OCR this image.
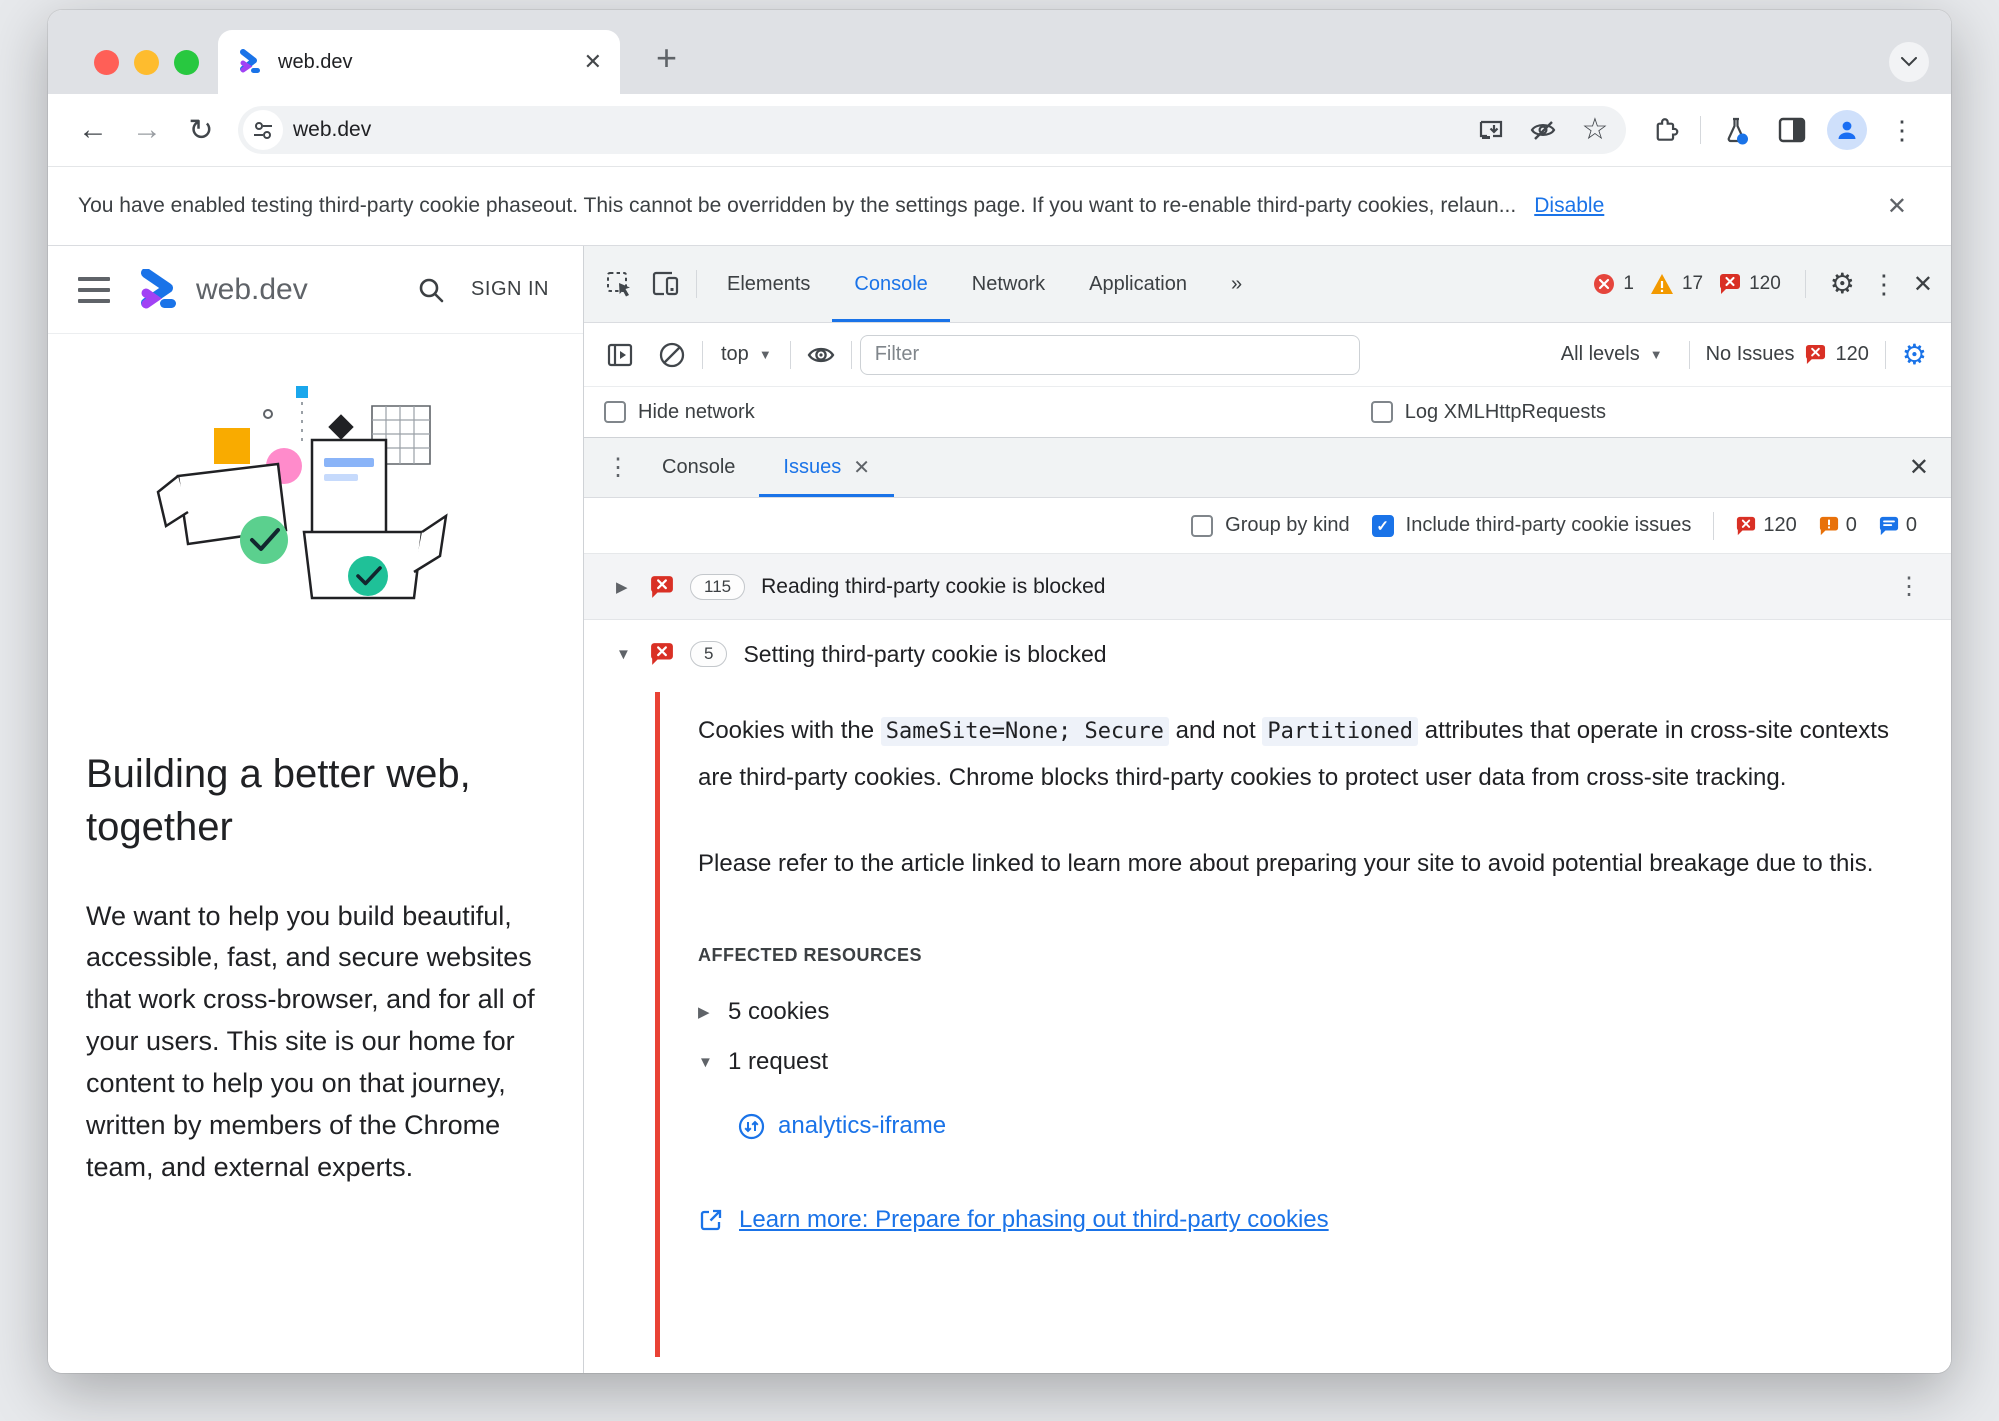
web.dev	✕ +
← → ↻	web.dev	☆	⋮
You have enabled testing third-party cookie phaseout. This cannot be overridden by the settings page. If you want to re-enable third-party cookies, relaun... Disable	✕
web.dev	SIGN IN
Building a better web, together

We want to help you build beautiful, accessible, fast, and secure websites that work cross-browser, and for all of your users. This site is our home for content to help you on that journey, written by members of the Chrome team, and external experts.

Elements	Console	Network	Application	»	1	17 120 ⚙ ⋮ ✕
top ▼
Filter	All levels ▼ No Issues 120 ⚙
Hide network	Log XMLHttpRequests
⋮	Console	Issues ✕	✕
Group by kind	✓ Include third-party cookie issues	120 0 0
▶	115	Reading third-party cookie is blocked	⋮
▼	5	Setting third-party cookie is blocked

Cookies with the SameSite=None; Secure and not Partitioned attributes that operate in cross-site contexts are third-party cookies. Chrome blocks third-party cookies to protect user data from cross-site tracking.

Please refer to the article linked to learn more about preparing your site to avoid potential breakage due to this.

AFFECTED RESOURCES
▶ 5 cookies
▼ 1 request
analytics-iframe
Learn more: Prepare for phasing out third-party cookies
